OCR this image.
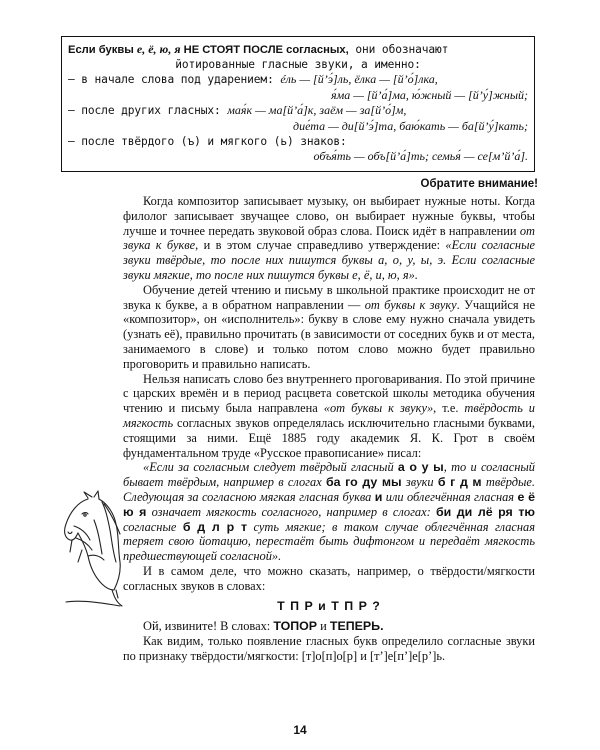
Если буквы е, ё, ю, я НЕ СТОЯТ ПОСЛЕ согласных, они обозначают
йотированные гласные звуки, а именно:
— в начале слова под ударением: éль — [й’э́]ль, ёлка — [й’о́]лка,
я́ма — [й’а́]ма, ю́жный — [й’у́]жный;
— после других гласных: мая́к — ма[й’а́]к, заём — за[й’о́]м,
дие́та — ди[й’э́]та, баю́кать — ба[й’у́]кать;
— после твёрдого (ъ) и мягкого (ь) знаков:
объя́ть — объ[й’а́]ть; семья́ — се[м’й’а́].
Обратите внимание!

Когда композитор записывает музыку, он выбирает нужные ноты. Когда филолог записывает звучащее слово, он выбирает нужные буквы, чтобы лучше и точнее передать звуковой образ слова. Поиск идёт в направлении от звука к букве, и в этом случае справедливо утверждение: «Если согласные звуки твёрдые, то после них пишутся буквы а, о, у, ы, э. Если согласные звуки мягкие, то после них пишутся буквы е, ё, и, ю, я».

Обучение детей чтению и письму в школьной практике происходит не от звука к букве, а в обратном направлении — от буквы к звуку. Учащийся не «композитор», он «исполнитель»: букву в слове ему нужно сначала увидеть (узнать её), правильно прочитать (в зависимости от соседних букв и от места, занимаемого в слове) и только потом слово можно будет правильно проговорить и правильно написать.

Нельзя написать слово без внутреннего проговаривания. По этой причине с царских времён и в период расцвета советской школы методика обучения чтению и письму была направлена «от буквы к звуку», т.е. твёрдость и мягкость согласных звуков определялась исключительно гласными буквами, стоящими за ними. Ещё 1885 году академик Я. К. Грот в своём фундаментальном труде «Русское правописание» писал:

«Если за согласным следует твёрдый гласный а о у ы, то и согласный бывает твёрдым, например в слогах ба го ду мы звуки б г д м твёрдые. Следующая за согласною мягкая гласная буква и или облегчённая гласная е ё ю я означает мягкость согласного, например в слогах: би ди лё ря тю согласные б д л р т суть мягкие; в таком случае облегчённая гласная теряет свою йотацию, перестаёт быть дифтонгом и передаёт мягкость предшествующей согласной».

И в самом деле, что можно сказать, например, о твёрдости/мягкости согласных звуков в словах:

Т П Р и Т П Р ?

Ой, извините! В словах: ТОПОР и ТЕПЕРЬ.

Как видим, только появление гласных букв определило согласные звуки по признаку твёрдости/мягкости: [т]о[п]о[р] и [т’]е[п’]е[р’]ь.

14
